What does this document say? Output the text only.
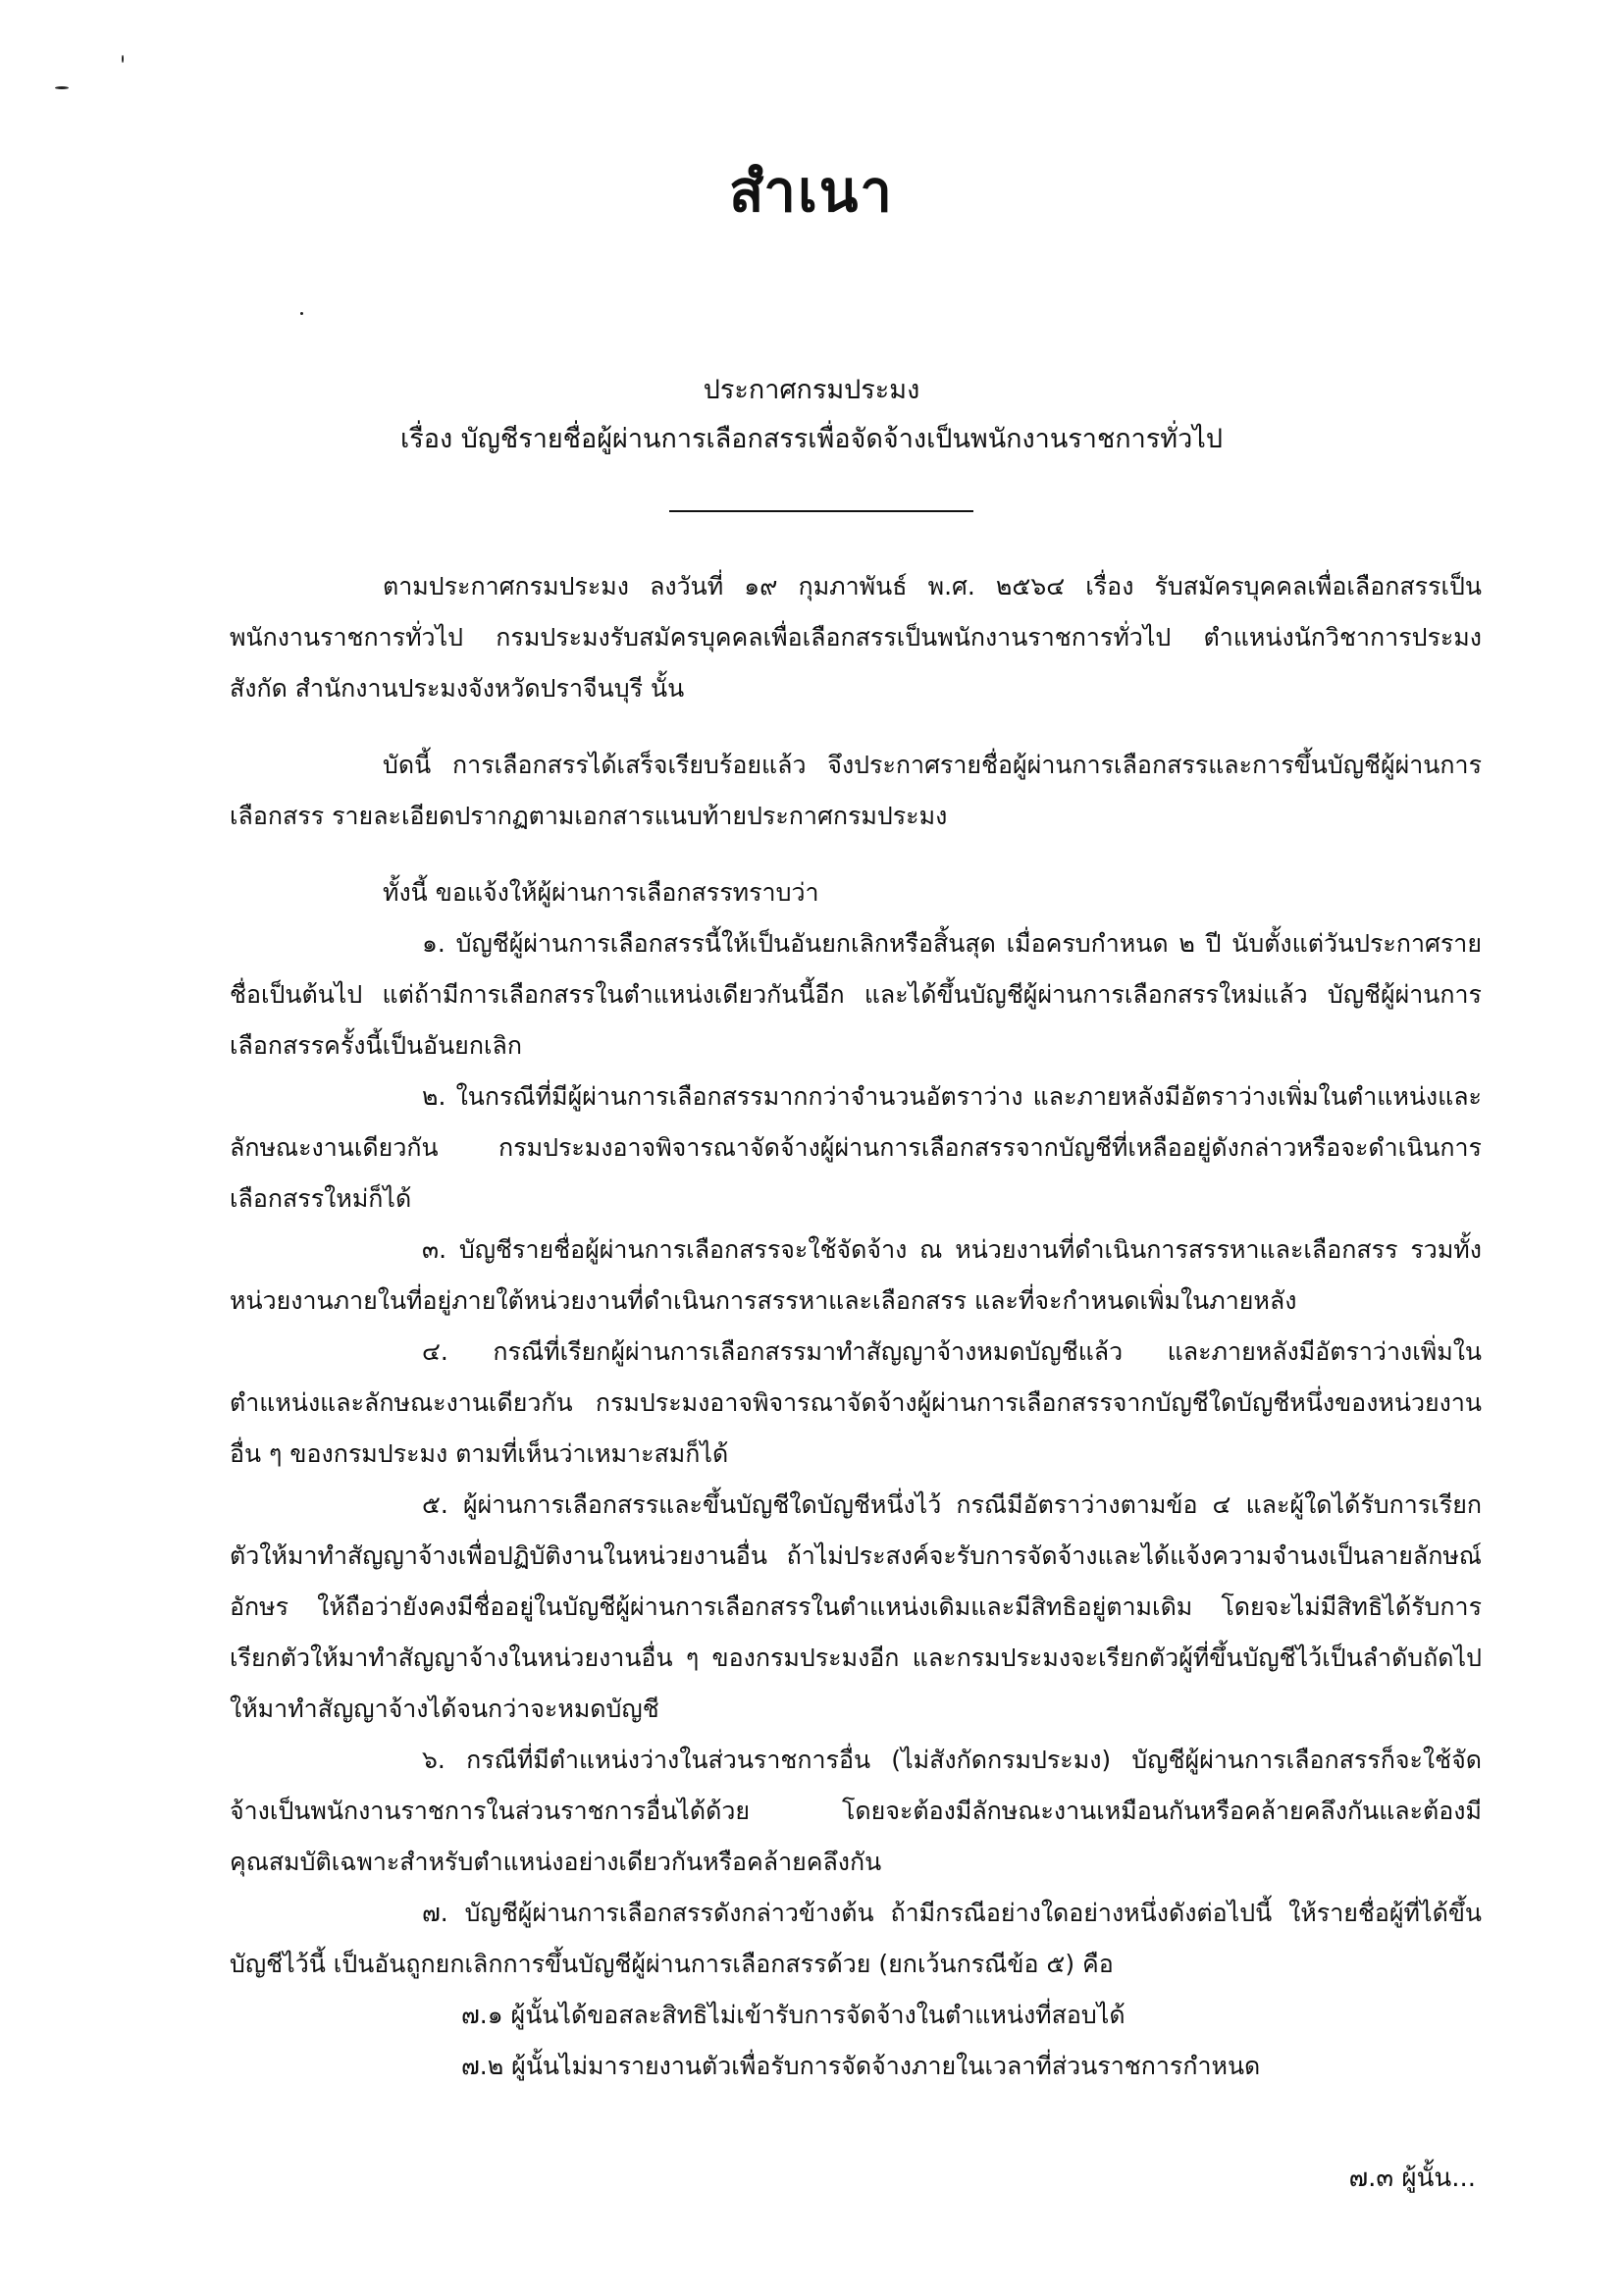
สำเนา
ประกาศกรมประมง
เรื่อง บัญชีรายชื่อผู้ผ่านการเลือกสรรเพื่อจัดจ้างเป็นพนักงานราชการทั่วไป

ตามประกาศกรมประมง ลงวันที่ ๑๙ กุมภาพันธ์ พ.ศ. ๒๕๖๔ เรื่อง รับสมัครบุคคลเพื่อเลือกสรรเป็นพนักงานราชการทั่วไป กรมประมงรับสมัครบุคคลเพื่อเลือกสรรเป็นพนักงานราชการทั่วไป ตำแหน่งนักวิชาการประมง สังกัด สำนักงานประมงจังหวัดปราจีนบุรี นั้น

บัดนี้ การเลือกสรรได้เสร็จเรียบร้อยแล้ว จึงประกาศรายชื่อผู้ผ่านการเลือกสรรและการขึ้นบัญชีผู้ผ่านการเลือกสรร รายละเอียดปรากฏตามเอกสารแนบท้ายประกาศกรมประมง

ทั้งนี้ ขอแจ้งให้ผู้ผ่านการเลือกสรรทราบว่า

๑. บัญชีผู้ผ่านการเลือกสรรนี้ให้เป็นอันยกเลิกหรือสิ้นสุด เมื่อครบกำหนด ๒ ปี นับตั้งแต่วันประกาศรายชื่อเป็นต้นไป แต่ถ้ามีการเลือกสรรในตำแหน่งเดียวกันนี้อีก และได้ขึ้นบัญชีผู้ผ่านการเลือกสรรใหม่แล้ว บัญชีผู้ผ่านการเลือกสรรครั้งนี้เป็นอันยกเลิก

๒. ในกรณีที่มีผู้ผ่านการเลือกสรรมากกว่าจำนวนอัตราว่าง และภายหลังมีอัตราว่างเพิ่มในตำแหน่งและลักษณะงานเดียวกัน กรมประมงอาจพิจารณาจัดจ้างผู้ผ่านการเลือกสรรจากบัญชีที่เหลืออยู่ดังกล่าวหรือจะดำเนินการเลือกสรรใหม่ก็ได้

๓. บัญชีรายชื่อผู้ผ่านการเลือกสรรจะใช้จัดจ้าง ณ หน่วยงานที่ดำเนินการสรรหาและเลือกสรร รวมทั้งหน่วยงานภายในที่อยู่ภายใต้หน่วยงานที่ดำเนินการสรรหาและเลือกสรร และที่จะกำหนดเพิ่มในภายหลัง

๔. กรณีที่เรียกผู้ผ่านการเลือกสรรมาทำสัญญาจ้างหมดบัญชีแล้ว และภายหลังมีอัตราว่างเพิ่มในตำแหน่งและลักษณะงานเดียวกัน กรมประมงอาจพิจารณาจัดจ้างผู้ผ่านการเลือกสรรจากบัญชีใดบัญชีหนึ่งของหน่วยงานอื่น ๆ ของกรมประมง ตามที่เห็นว่าเหมาะสมก็ได้

๕. ผู้ผ่านการเลือกสรรและขึ้นบัญชีใดบัญชีหนึ่งไว้ กรณีมีอัตราว่างตามข้อ ๔ และผู้ใดได้รับการเรียกตัวให้มาทำสัญญาจ้างเพื่อปฏิบัติงานในหน่วยงานอื่น ถ้าไม่ประสงค์จะรับการจัดจ้างและได้แจ้งความจำนงเป็นลายลักษณ์อักษร ให้ถือว่ายังคงมีชื่ออยู่ในบัญชีผู้ผ่านการเลือกสรรในตำแหน่งเดิมและมีสิทธิอยู่ตามเดิม โดยจะไม่มีสิทธิได้รับการเรียกตัวให้มาทำสัญญาจ้างในหน่วยงานอื่น ๆ ของกรมประมงอีก และกรมประมงจะเรียกตัวผู้ที่ขึ้นบัญชีไว้เป็นลำดับถัดไปให้มาทำสัญญาจ้างได้จนกว่าจะหมดบัญชี

๖. กรณีที่มีตำแหน่งว่างในส่วนราชการอื่น (ไม่สังกัดกรมประมง) บัญชีผู้ผ่านการเลือกสรรก็จะใช้จัดจ้างเป็นพนักงานราชการในส่วนราชการอื่นได้ด้วย โดยจะต้องมีลักษณะงานเหมือนกันหรือคล้ายคลึงกันและต้องมีคุณสมบัติเฉพาะสำหรับตำแหน่งอย่างเดียวกันหรือคล้ายคลึงกัน

๗. บัญชีผู้ผ่านการเลือกสรรดังกล่าวข้างต้น ถ้ามีกรณีอย่างใดอย่างหนึ่งดังต่อไปนี้ ให้รายชื่อผู้ที่ได้ขึ้นบัญชีไว้นี้ เป็นอันถูกยกเลิกการขึ้นบัญชีผู้ผ่านการเลือกสรรด้วย (ยกเว้นกรณีข้อ ๕) คือ

๗.๑ ผู้นั้นได้ขอสละสิทธิไม่เข้ารับการจัดจ้างในตำแหน่งที่สอบได้

๗.๒ ผู้นั้นไม่มารายงานตัวเพื่อรับการจัดจ้างภายในเวลาที่ส่วนราชการกำหนด

๗.๓ ผู้นั้น...
